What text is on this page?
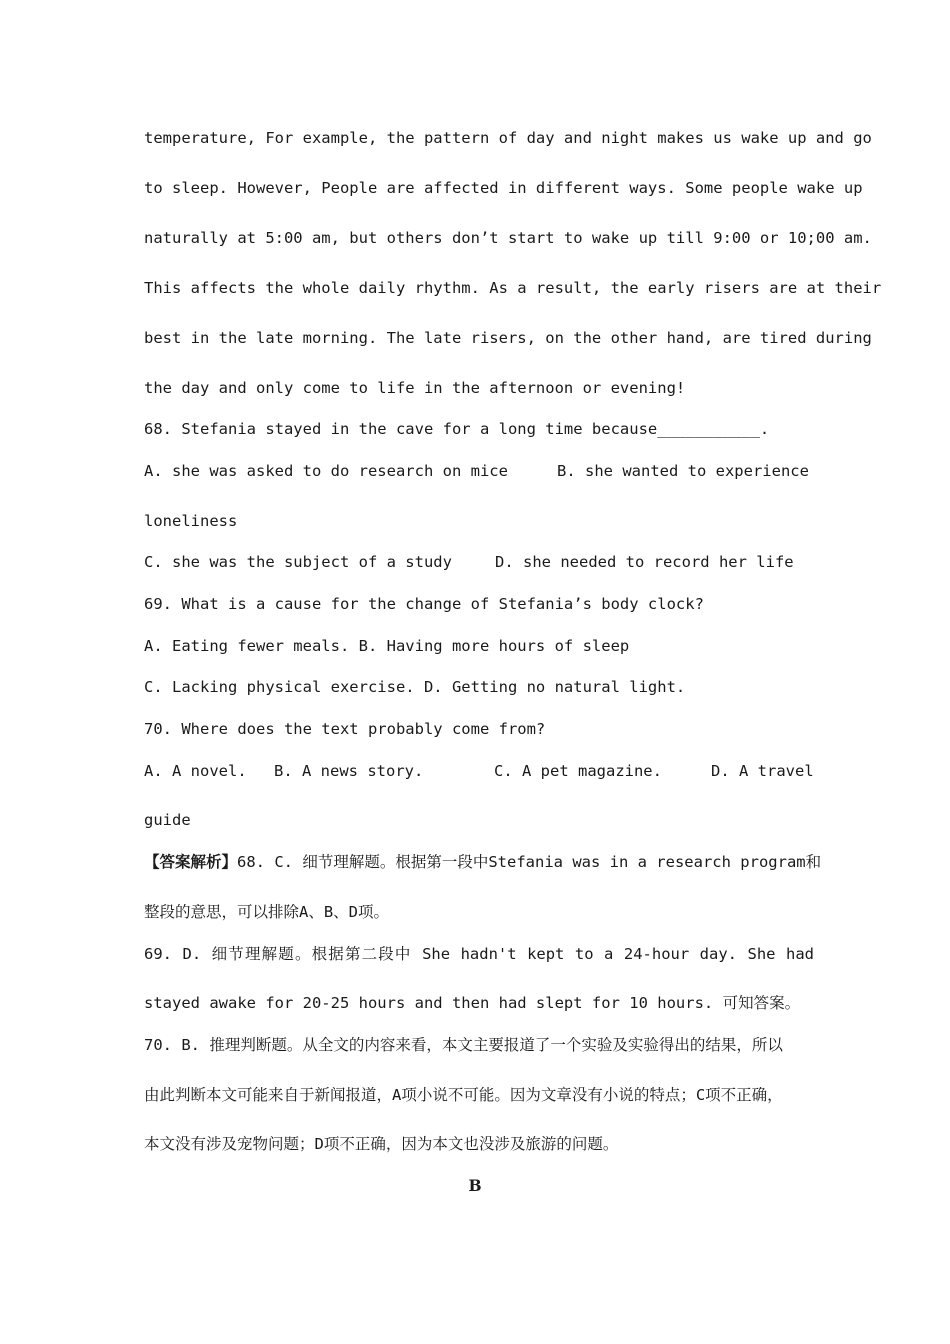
temperature, For example, the pattern of day and night makes us wake up and go
to sleep. However, People are affected in different ways. Some people wake up
naturally at 5:00 am, but others don’t start to wake up till 9:00 or 10;00 am.
This affects the whole daily rhythm. As a result, the early risers are at their
best in the late morning. The late risers, on the other hand, are tired during
the day and only come to life in the afternoon or evening!
68. Stefania stayed in the cave for a long time because___________.
A. she was asked to do research on mice	B. she wanted to experience
loneliness
C. she was the subject of a study	D. she needed to record her life
69. What is a cause for the change of Stefania’s body clock?
A. Eating fewer meals. B. Having more hours of sleep
C. Lacking physical exercise. D. Getting no natural light.
70. Where does the text probably come from?
A. A novel. B. A news story.	C. A pet magazine.	D. A travel
guide
【答案解析】68. C. 细节理解题。根据第一段中Stefania was in a research program和
整段的意思，可以排除A、B、D项。
69. D. 细节理解题。根据第二段中 She hadn't kept to a 24-hour day. She had
stayed awake for 20-25 hours and then had slept for 10 hours. 可知答案。
70. B. 推理判断题。从全文的内容来看，本文主要报道了一个实验及实验得出的结果，所以
由此判断本文可能来自于新闻报道，A项小说不可能。因为文章没有小说的特点；C项不正确，
本文没有涉及宠物问题；D项不正确，因为本文也没涉及旅游的问题。
B
